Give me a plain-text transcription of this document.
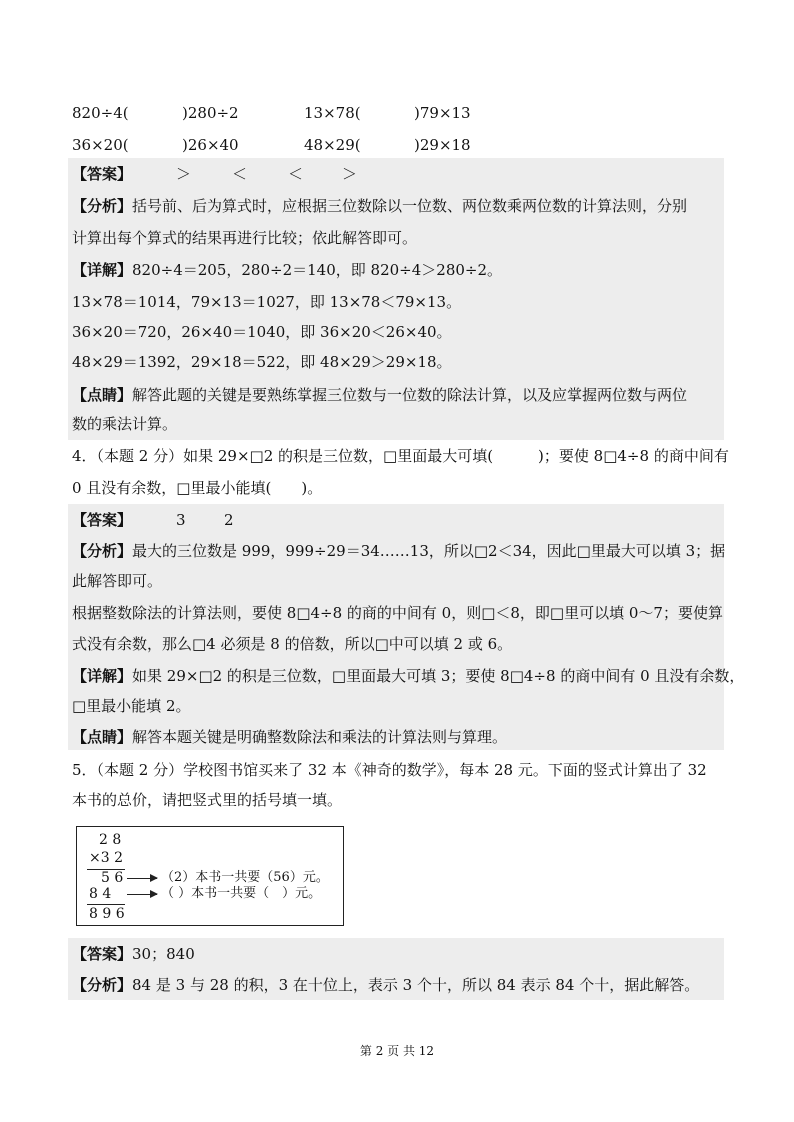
820÷4(	)280÷2	13×78(	)79×13
36×20(	)26×40	48×29(	)29×18
【答案】	＞	＜	＜	＞
【分析】括号前、后为算式时，应根据三位数除以一位数、两位数乘两位数的计算法则，分别
计算出每个算式的结果再进行比较；依此解答即可。
【详解】820÷4＝205，280÷2＝140，即 820÷4＞280÷2。
13×78＝1014，79×13＝1027，即 13×78＜79×13。
36×20＝720，26×40＝1040，即 36×20＜26×40。
48×29＝1392，29×18＝522，即 48×29＞29×18。
【点睛】解答此题的关键是要熟练掌握三位数与一位数的除法计算，以及应掌握两位数与两位
数的乘法计算。
4．（本题 2 分）如果 29×□2 的积是三位数，□里面最大可填(　　　)；要使 8□4÷8 的商中间有
0 且没有余数，□里最小能填(　　)。
【答案】	3	2
【分析】最大的三位数是 999，999÷29＝34……13，所以□2＜34，因此□里最大可以填 3；据
此解答即可。
根据整数除法的计算法则，要使 8□4÷8 的商的中间有 0，则□＜8，即□里可以填 0～7；要使算
式没有余数，那么□4 必须是 8 的倍数，所以□中可以填 2 或 6。
【详解】如果 29×□2 的积是三位数，□里面最大可填 3；要使 8□4÷8 的商中间有 0 且没有余数，
□里最小能填 2。
【点睛】解答本题关键是明确整数除法和乘法的计算法则与算理。
5．（本题 2 分）学校图书馆买来了 32 本《神奇的数学》，每本 28 元。下面的竖式计算出了 32
本书的总价，请把竖式里的括号填一填。
2 8
×3 2
5 6	（2）本书一共要（56）元。
8 4	（ ）本书一共要（　）元。
8 9 6
【答案】30；840
【分析】84 是 3 与 28 的积，3 在十位上，表示 3 个十，所以 84 表示 84 个十，据此解答。
第 2 页 共 12
